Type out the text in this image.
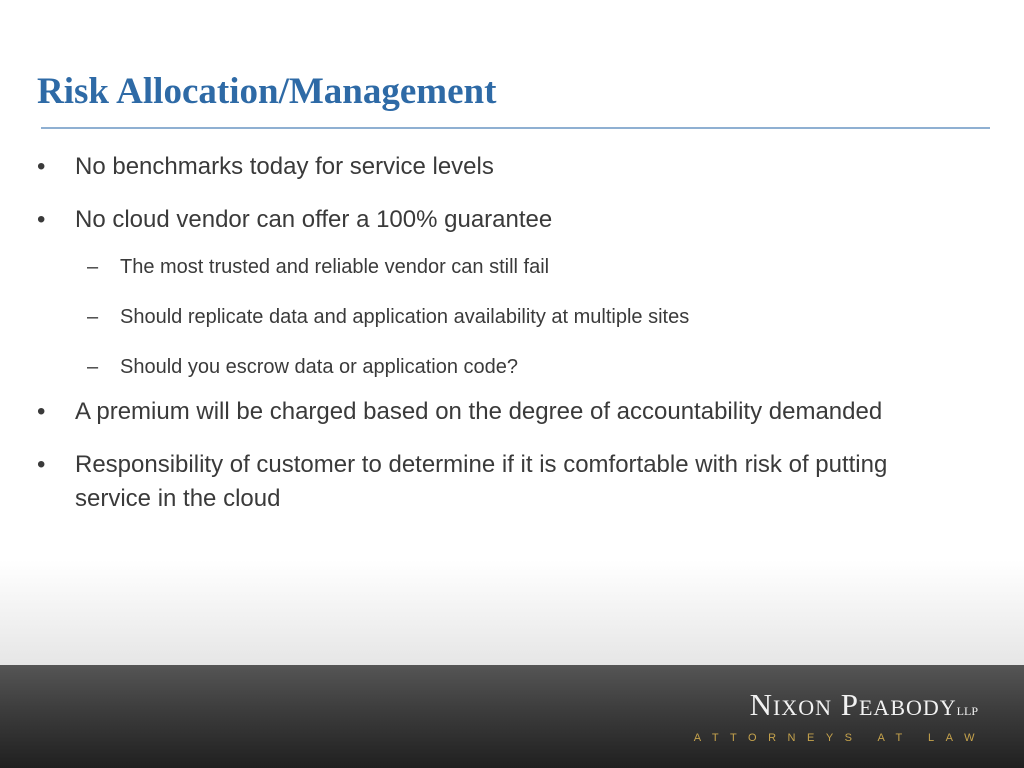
Risk Allocation/Management
• No benchmarks today for service levels
• No cloud vendor can offer a 100% guarantee
– The most trusted and reliable vendor can still fail
– Should replicate data and application availability at multiple sites
– Should you escrow data or application code?
• A premium will be charged based on the degree of accountability demanded
• Responsibility of customer to determine if it is comfortable with risk of putting service in the cloud
Nixon PeabodyLLP
ATTORNEYS AT LAW
